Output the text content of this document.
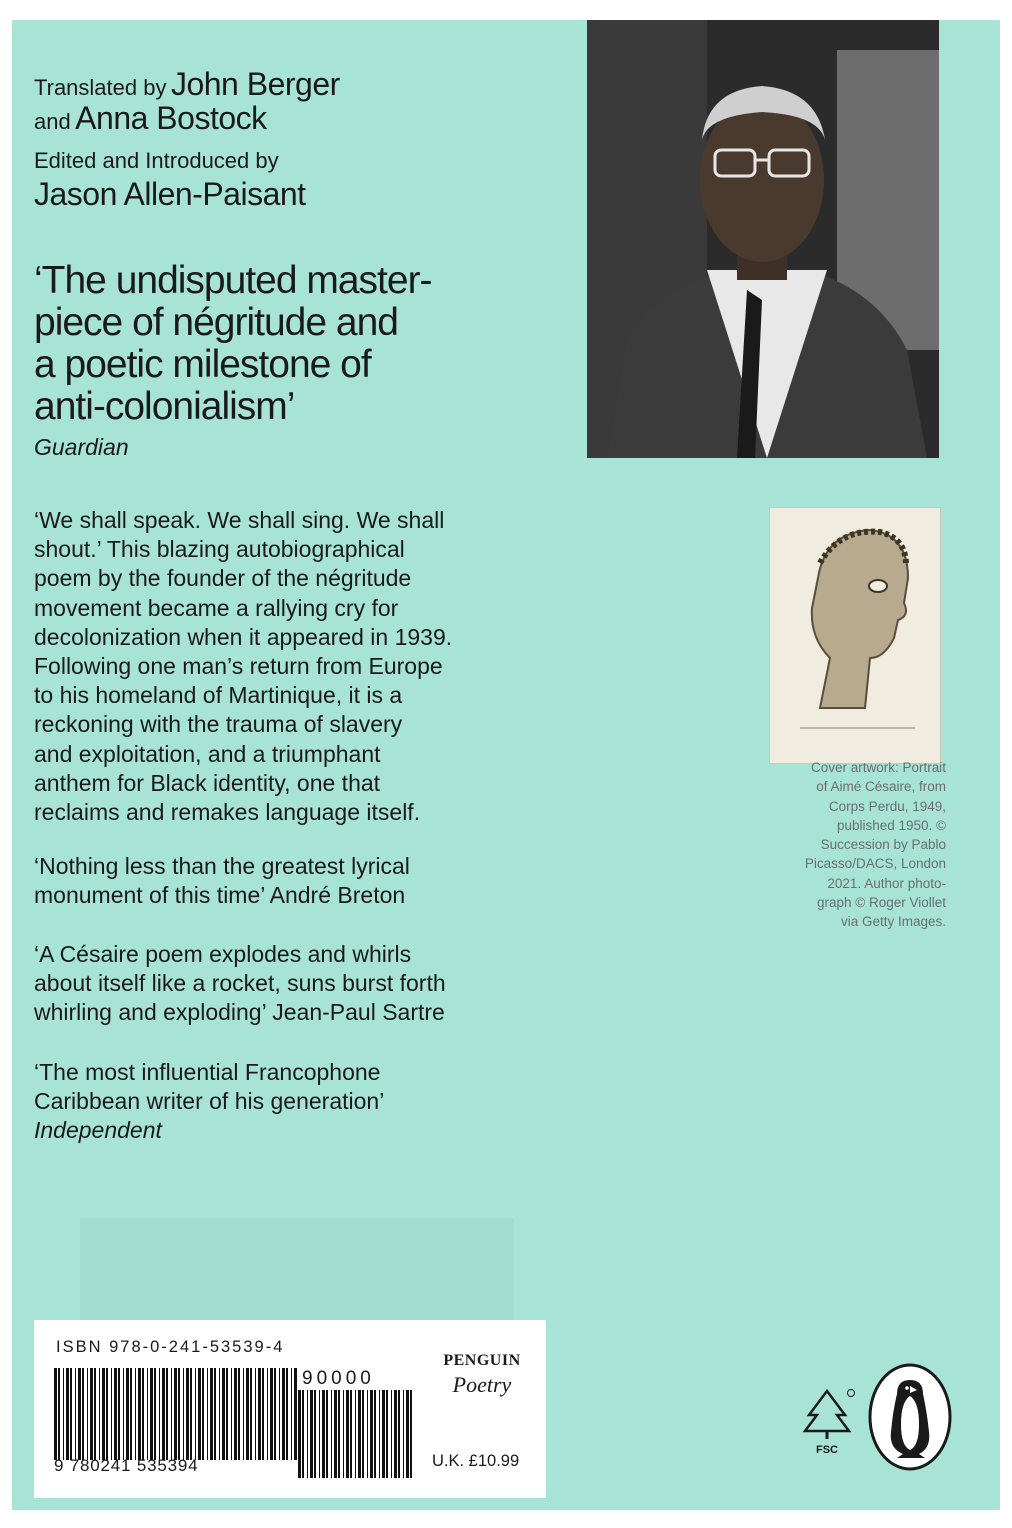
Translated by John Berger
and Anna Bostock
Edited and Introduced by
Jason Allen-Paisant
‘The undisputed master-
piece of négritude and
a poetic milestone of
anti-colonialism’
Guardian
‘We shall speak. We shall sing. We shall
shout.’ This blazing autobiographical
poem by the founder of the négritude
movement became a rallying cry for
decolonization when it appeared in 1939.
Following one man’s return from Europe
to his homeland of Martinique, it is a
reckoning with the trauma of slavery
and exploitation, and a triumphant
anthem for Black identity, one that
reclaims and remakes language itself.
‘Nothing less than the greatest lyrical
monument of this time’ André Breton
‘A Césaire poem explodes and whirls
about itself like a rocket, suns burst forth
whirling and exploding’ Jean-Paul Sartre
‘The most influential Francophone
Caribbean writer of his generation’
Independent
Cover artwork: Portrait
of Aimé Césaire, from
Corps Perdu, 1949,
published 1950. ©
Succession by Pablo
Picasso/DACS, London
2021. Author photo-
graph © Roger Viollet
via Getty Images.
ISBN 978-0-241-53539-4
9 780241 535394
90000
PENGUIN
Poetry
U.K. £10.99
FSC
